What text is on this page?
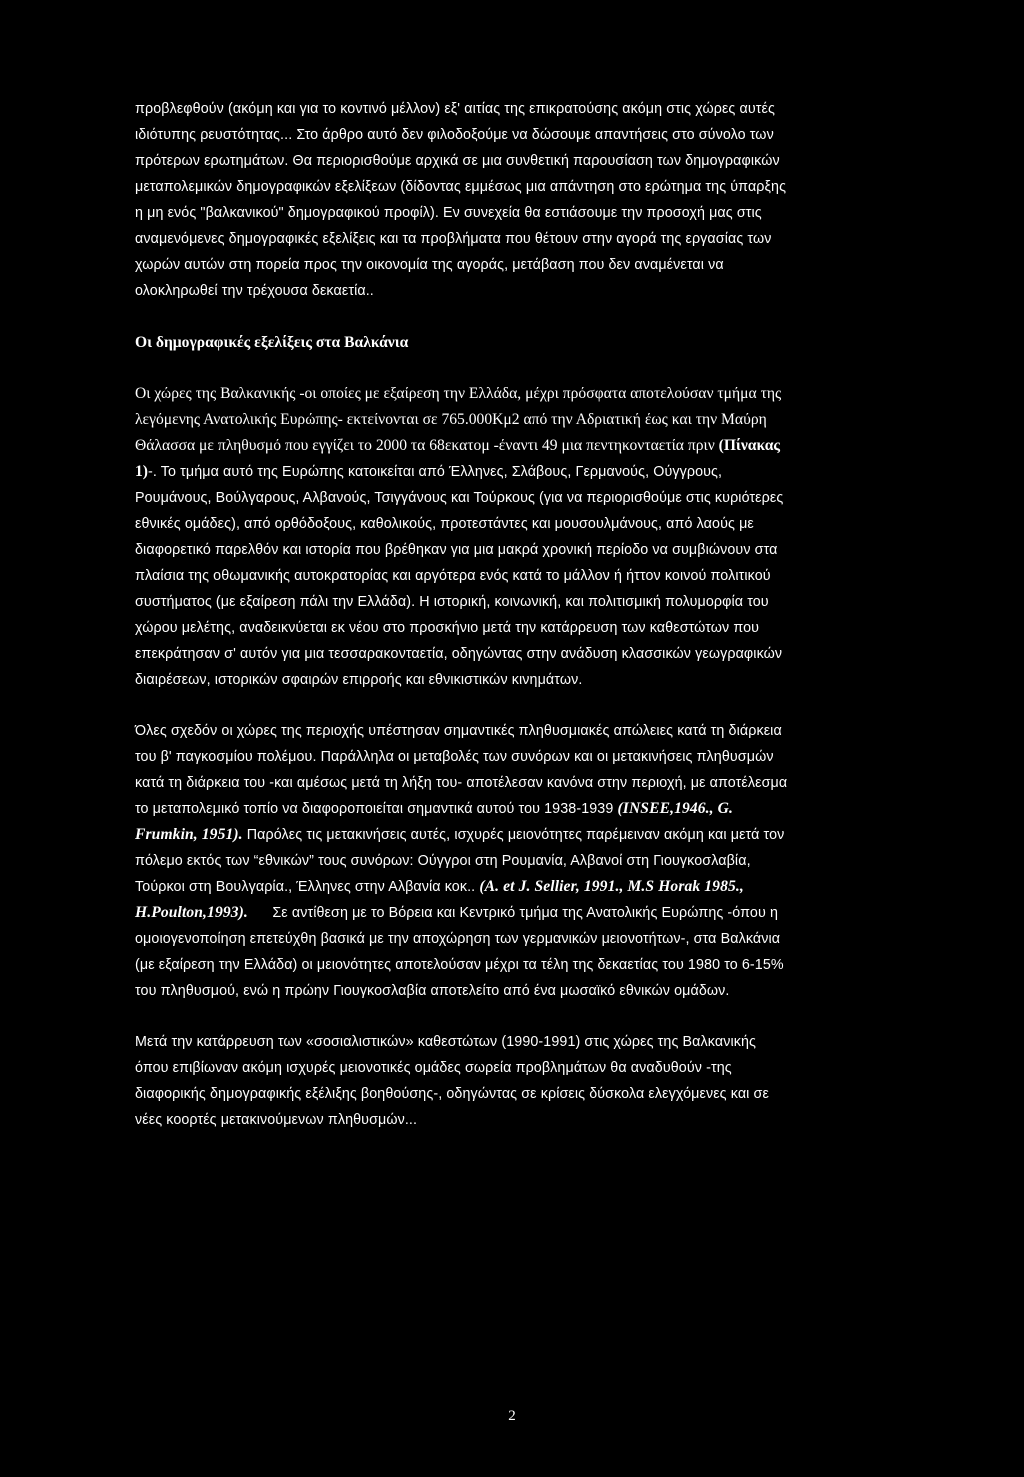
προβλεφθούν (ακόμη και για το κοντινό μέλλον) εξ' αιτίας της επικρατούσης ακόμη στις χώρες αυτές

ιδιότυπης ρευστότητας... Στο άρθρο αυτό δεν φιλοδοξούμε να δώσουμε απαντήσεις στο σύνολο των

πρότερων ερωτημάτων. Θα περιορισθούμε αρχικά σε μια συνθετική παρουσίαση των δημογραφικών

μεταπολεμικών δημογραφικών εξελίξεων (δίδοντας εμμέσως μια απάντηση στο ερώτημα της ύπαρξης

η μη ενός "βαλκανικού" δημογραφικού προφίλ). Εν συνεχεία θα εστιάσουμε την προσοχή μας στις

αναμενόμενες δημογραφικές εξελίξεις και τα προβλήματα που θέτουν στην αγορά της εργασίας των

χωρών αυτών στη πορεία προς την οικονομία της αγοράς, μετάβαση που δεν αναμένεται να

ολοκληρωθεί την τρέχουσα δεκαετία..

Οι δημογραφικές εξελίξεις στα Βαλκάνια

Οι χώρες της Βαλκανικής -οι οποίες με εξαίρεση την Ελλάδα, μέχρι πρόσφατα αποτελούσαν τμήμα της

λεγόμενης Ανατολικής Ευρώπης- εκτείνονται σε 765.000Κμ2 από την Αδριατική έως και την Μαύρη

Θάλασσα με πληθυσμό που εγγίζει το 2000 τα 68εκατομ -έναντι 49 μια πεντηκονταετία πριν (Πίνακας

1)-. Το τμήμα αυτό της Ευρώπης κατοικείται από Έλληνες, Σλάβους, Γερμανούς, Ούγγρους,

Ρουμάνους, Βούλγαρους, Αλβανούς, Τσιγγάνους και Τούρκους (για να περιορισθούμε στις κυριότερες

εθνικές ομάδες), από ορθόδοξους, καθολικούς, προτεστάντες και μουσουλμάνους, από λαούς με

διαφορετικό παρελθόν και ιστορία που βρέθηκαν για μια μακρά χρονική περίοδο να συμβιώνουν στα

πλαίσια της οθωμανικής αυτοκρατορίας και αργότερα ενός κατά το μάλλον ή ήττον κοινού πολιτικού

συστήματος (με εξαίρεση πάλι την Ελλάδα). Η ιστορική, κοινωνική, και πολιτισμική πολυμορφία του

χώρου μελέτης, αναδεικνύεται εκ νέου στο προσκήνιο μετά την κατάρρευση των καθεστώτων που

επεκράτησαν σ' αυτόν για μια τεσσαρακονταετία, οδηγώντας στην ανάδυση κλασσικών γεωγραφικών

διαιρέσεων, ιστορικών σφαιρών επιρροής και εθνικιστικών κινημάτων.

Όλες σχεδόν οι χώρες της περιοχής υπέστησαν σημαντικές πληθυσμιακές απώλειες κατά τη διάρκεια

του β' παγκοσμίου πολέμου. Παράλληλα οι μεταβολές των συνόρων και οι μετακινήσεις πληθυσμών

κατά τη διάρκεια του -και αμέσως μετά τη λήξη του- αποτέλεσαν κανόνα στην περιοχή, με αποτέλεσμα

το μεταπολεμικό τοπίο να διαφοροποιείται σημαντικά αυτού του 1938-1939 (INSEE,1946., G.

Frumkin, 1951). Παρόλες τις μετακινήσεις αυτές, ισχυρές μειονότητες παρέμειναν ακόμη και μετά τον

πόλεμο εκτός των “εθνικών” τους συνόρων: Ούγγροι στη Ρουμανία, Αλβανοί στη Γιουγκοσλαβία,

Τούρκοι στη Βουλγαρία., Έλληνες στην Αλβανία κοκ.. (A. et J. Sellier, 1991., M.S Horak 1985.,

H.Poulton,1993).      Σε αντίθεση με το Βόρεια και Κεντρικό τμήμα της Ανατολικής Ευρώπης -όπου η

ομοιογενοποίηση επετεύχθη βασικά με την αποχώρηση των γερμανικών μειονοτήτων-, στα Βαλκάνια

(με εξαίρεση την Ελλάδα) οι μειονότητες αποτελούσαν μέχρι τα τέλη της δεκαετίας του 1980 το 6-15%

του πληθυσμού, ενώ η πρώην Γιουγκοσλαβία αποτελείτο από ένα μωσαϊκό εθνικών ομάδων.

Μετά την κατάρρευση των «σοσιαλιστικών» καθεστώτων (1990-1991) στις χώρες της Βαλκανικής

όπου επιβίωναν ακόμη ισχυρές μειονοτικές ομάδες σωρεία προβλημάτων θα αναδυθούν -της

διαφορικής δημογραφικής εξέλιξης βοηθούσης-, οδηγώντας σε κρίσεις δύσκολα ελεγχόμενες και σε

νέες κοορτές μετακινούμενων πληθυσμών...

2
